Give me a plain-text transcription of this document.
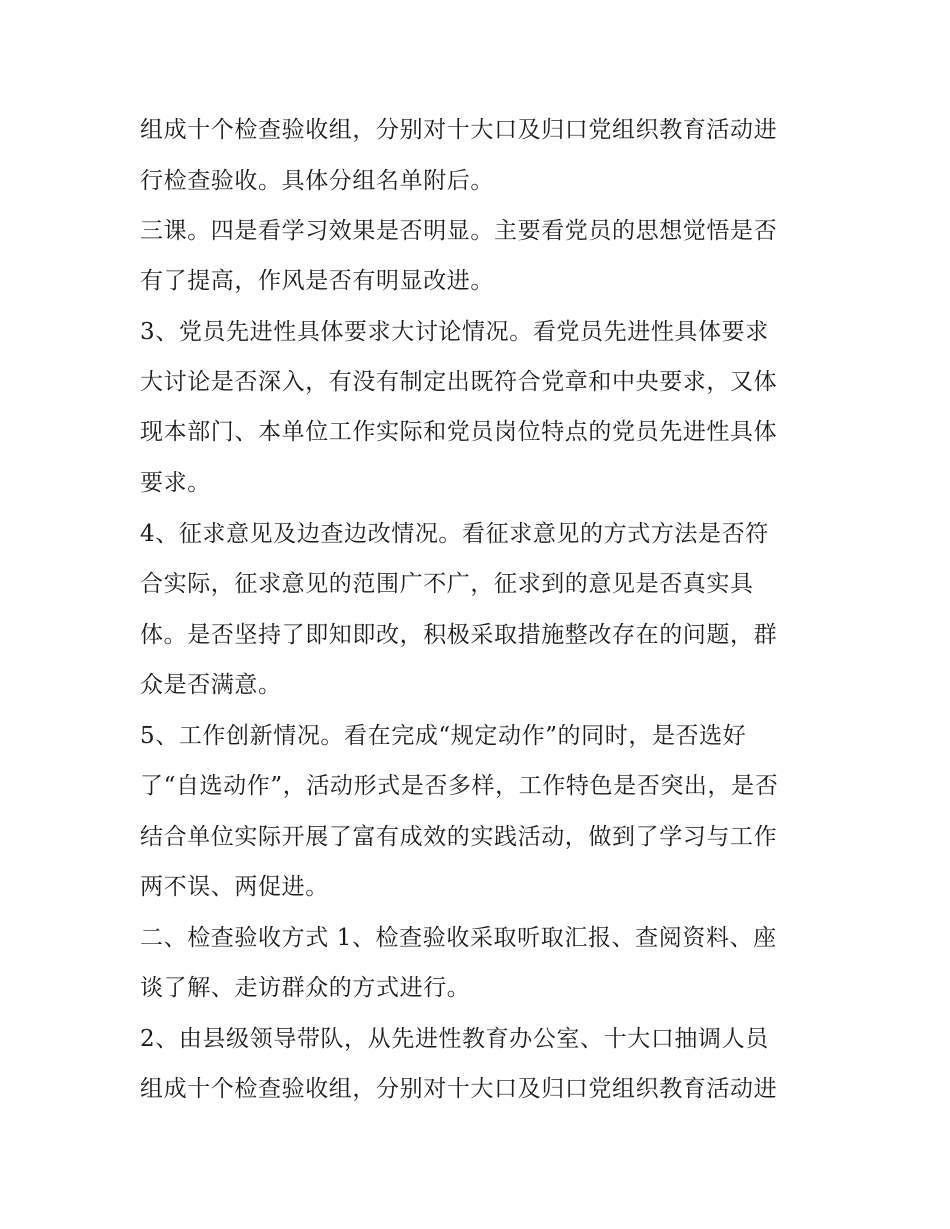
组成十个检查验收组，分别对十大口及归口党组织教育活动进
行检查验收。具体分组名单附后。
三课。四是看学习效果是否明显。主要看党员的思想觉悟是否
有了提高，作风是否有明显改进。
3、党员先进性具体要求大讨论情况。看党员先进性具体要求
大讨论是否深入，有没有制定出既符合党章和中央要求，又体
现本部门、本单位工作实际和党员岗位特点的党员先进性具体
要求。
4、征求意见及边查边改情况。看征求意见的方式方法是否符
合实际，征求意见的范围广不广，征求到的意见是否真实具
体。是否坚持了即知即改，积极采取措施整改存在的问题，群
众是否满意。
5、工作创新情况。看在完成“规定动作”的同时，是否选好
了“自选动作”，活动形式是否多样，工作特色是否突出，是否
结合单位实际开展了富有成效的实践活动，做到了学习与工作
两不误、两促进。
二、检查验收方式 1、检查验收采取听取汇报、查阅资料、座
谈了解、走访群众的方式进行。
2、由县级领导带队，从先进性教育办公室、十大口抽调人员
组成十个检查验收组，分别对十大口及归口党组织教育活动进
